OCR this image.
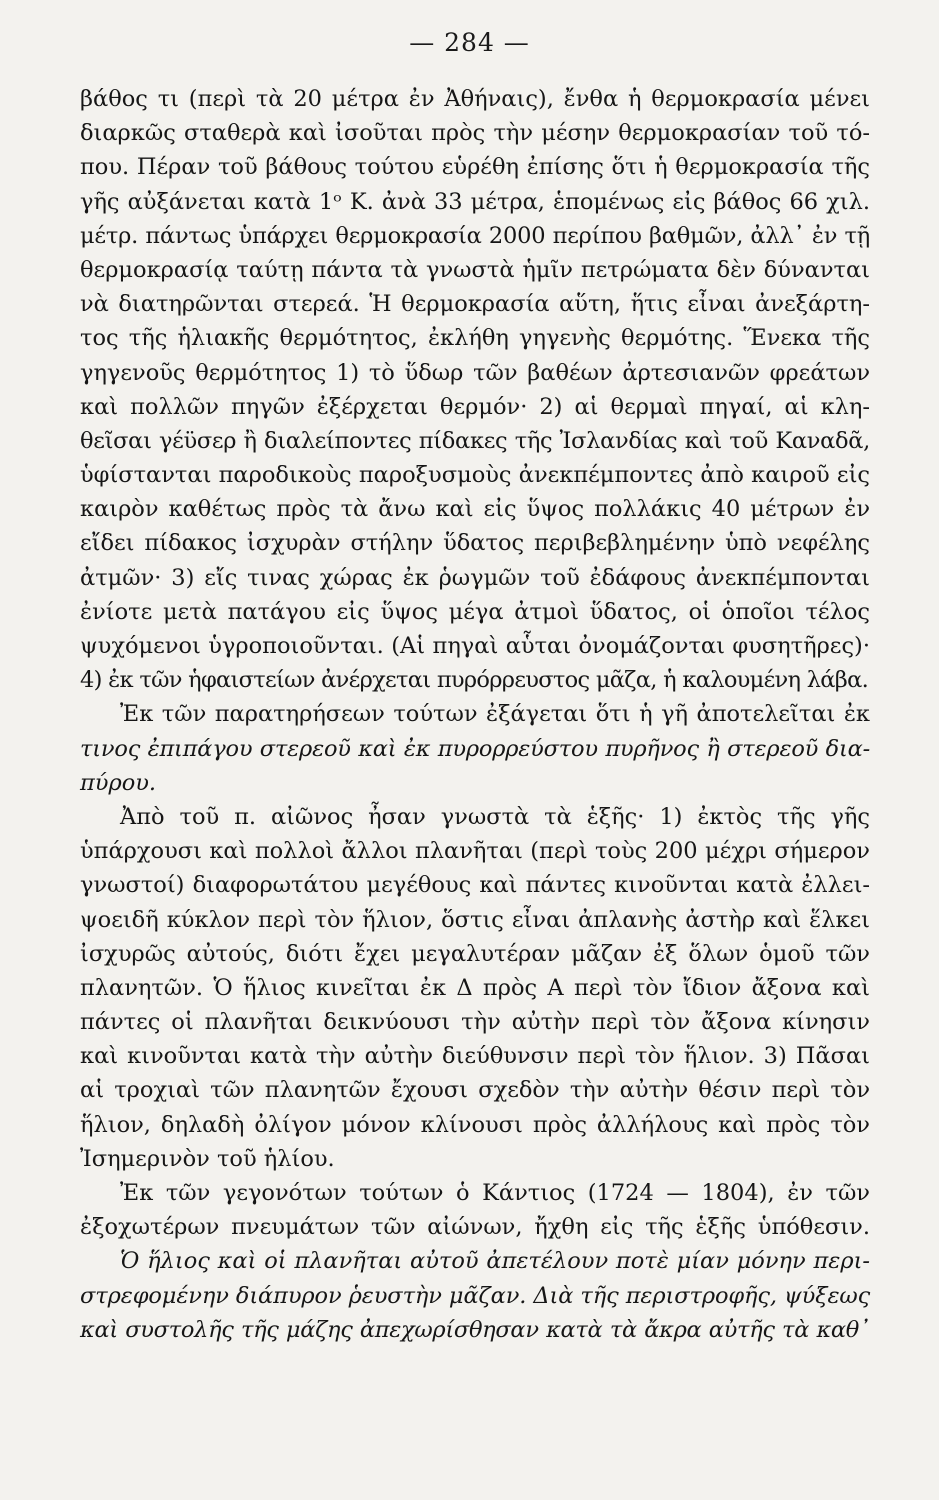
— 284 —
βάθος τι (περὶ τὰ 20 μέτρα ἐν Ἀθήναις), ἔνθα ἡ θερμοκρασία μένει
διαρκῶς σταθερὰ καὶ ἰσοῦται πρὸς τὴν μέσην θερμοκρασίαν τοῦ τό-
που. Πέραν τοῦ βάθους τούτου εὑρέθη ἐπίσης ὅτι ἡ θερμοκρασία τῆς
γῆς αὐξάνεται κατὰ 1ᵒ Κ. ἀνὰ 33 μέτρα, ἑπομένως εἰς βάθος 66 χιλ.
μέτρ. πάντως ὑπάρχει θερμοκρασία 2000 περίπου βαθμῶν, ἀλλ᾽ ἐν τῇ
θερμοκρασίᾳ ταύτῃ πάντα τὰ γνωστὰ ἡμῖν πετρώματα δὲν δύνανται
νὰ διατηρῶνται στερεά. Ἡ θερμοκρασία αὕτη, ἥτις εἶναι ἀνεξάρτη-
τος τῆς ἡλιακῆς θερμότητος, ἐκλήθη γηγενὴς θερμότης. Ἕνεκα τῆς
γηγενοῦς θερμότητος 1) τὸ ὕδωρ τῶν βαθέων ἀρτεσιανῶν φρεάτων
καὶ πολλῶν πηγῶν ἐξέρχεται θερμόν· 2) αἱ θερμαὶ πηγαί, αἱ κλη-
θεῖσαι γέϋσερ ἢ διαλείποντες πίδακες τῆς Ἰσλανδίας καὶ τοῦ Καναδᾶ,
ὑφίστανται παροδικοὺς παροξυσμοὺς ἀνεκπέμποντες ἀπὸ καιροῦ εἰς
καιρὸν καθέτως πρὸς τὰ ἄνω καὶ εἰς ὕψος πολλάκις 40 μέτρων ἐν
εἴδει πίδακος ἰσχυρὰν στήλην ὕδατος περιβεβλημένην ὑπὸ νεφέλης
ἀτμῶν· 3) εἴς τινας χώρας ἐκ ῥωγμῶν τοῦ ἐδάφους ἀνεκπέμπονται
ἐνίοτε μετὰ πατάγου εἰς ὕψος μέγα ἀτμοὶ ὕδατος, οἱ ὁποῖοι τέλος
ψυχόμενοι ὑγροποιοῦνται. (Αἱ πηγαὶ αὗται ὀνομάζονται φυσητῆρες)·
4) ἐκ τῶν ἡφαιστείων ἀνέρχεται πυρόρρευστος μᾶζα, ἡ καλουμένη λάβα.
Ἐκ τῶν παρατηρήσεων τούτων ἐξάγεται ὅτι ἡ γῆ ἀποτελεῖται ἐκ
τινος ἐπιπάγου στερεοῦ καὶ ἐκ πυρορρεύστου πυρῆνος ἢ στερεοῦ δια-
πύρου.
Ἀπὸ τοῦ π. αἰῶνος ἦσαν γνωστὰ τὰ ἑξῆς· 1) ἐκτὸς τῆς γῆς
ὑπάρχουσι καὶ πολλοὶ ἄλλοι πλανῆται (περὶ τοὺς 200 μέχρι σήμερον
γνωστοί) διαφορωτάτου μεγέθους καὶ πάντες κινοῦνται κατὰ ἐλλει-
ψοειδῆ κύκλον περὶ τὸν ἥλιον, ὅστις εἶναι ἀπλανὴς ἀστὴρ καὶ ἕλκει
ἰσχυρῶς αὐτούς, διότι ἔχει μεγαλυτέραν μᾶζαν ἐξ ὅλων ὁμοῦ τῶν
πλανητῶν. Ὁ ἥλιος κινεῖται ἐκ Δ πρὸς Α περὶ τὸν ἴδιον ἄξονα καὶ
πάντες οἱ πλανῆται δεικνύουσι τὴν αὐτὴν περὶ τὸν ἄξονα κίνησιν
καὶ κινοῦνται κατὰ τὴν αὐτὴν διεύθυνσιν περὶ τὸν ἥλιον. 3) Πᾶσαι
αἱ τροχιαὶ τῶν πλανητῶν ἔχουσι σχεδὸν τὴν αὐτὴν θέσιν περὶ τὸν
ἥλιον, δηλαδὴ ὀλίγον μόνον κλίνουσι πρὸς ἀλλήλους καὶ πρὸς τὸν
Ἰσημερινὸν τοῦ ἡλίου.
Ἐκ τῶν γεγονότων τούτων ὁ Κάντιος (1724 — 1804), ἐν τῶν
ἐξοχωτέρων πνευμάτων τῶν αἰώνων, ἤχθη εἰς τῆς ἑξῆς ὑπόθεσιν.
Ὁ ἥλιος καὶ οἱ πλανῆται αὐτοῦ ἀπετέλουν ποτὲ μίαν μόνην περι-
στρεφομένην διάπυρον ῥευστὴν μᾶζαν. Διὰ τῆς περιστροφῆς, ψύξεως
καὶ συστολῆς τῆς μάζης ἀπεχωρίσθησαν κατὰ τὰ ἄκρα αὐτῆς τὰ καθ᾽
